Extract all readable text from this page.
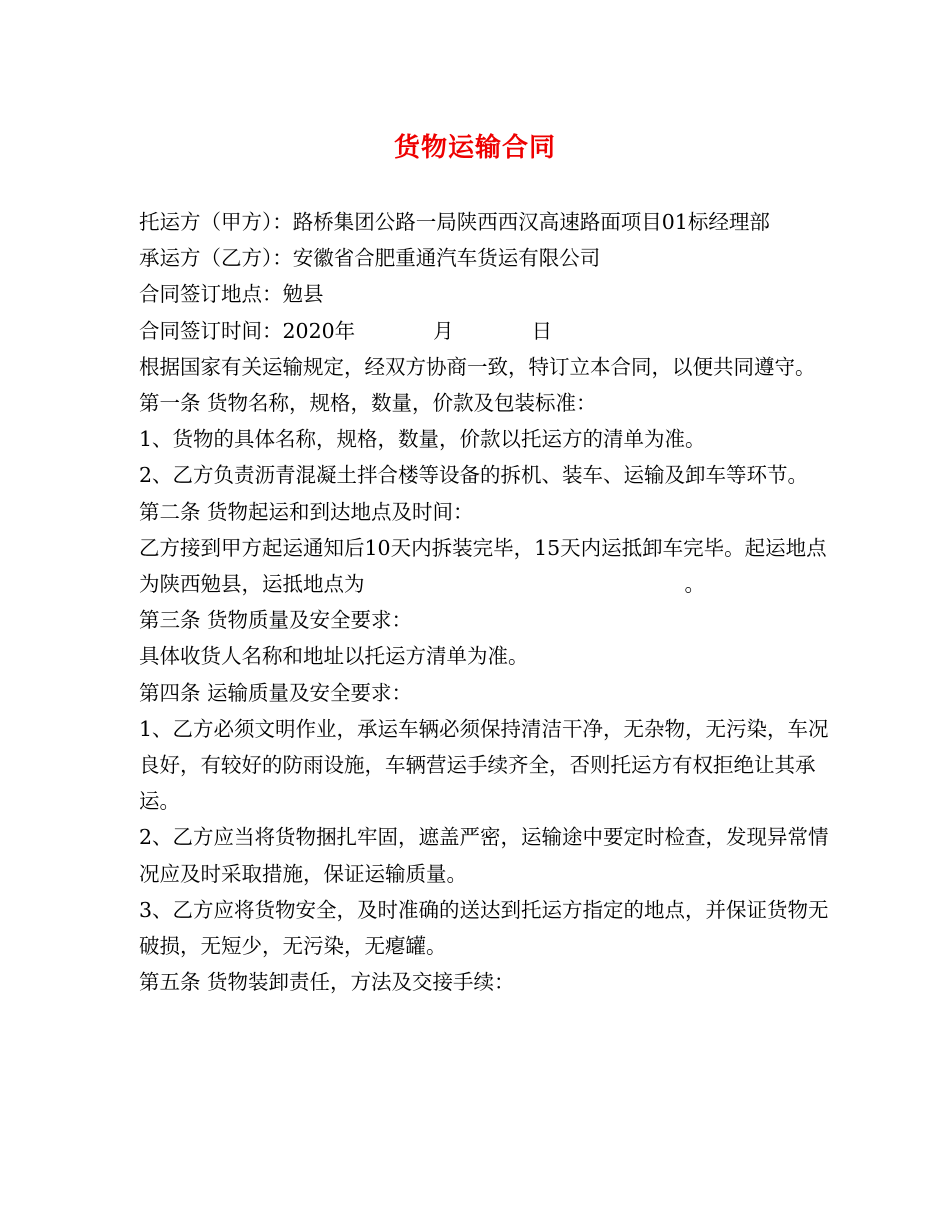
货物运输合同

托运方（甲方）：路桥集团公路一局陕西西汉高速路面项目01标经理部

承运方（乙方）：安徽省合肥重通汽车货运有限公司

合同签订地点：勉县

合同签订时间：2020年	月	日

根据国家有关运输规定，经双方协商一致，特订立本合同，以便共同遵守。

第一条 货物名称，规格，数量，价款及包装标准：

1、货物的具体名称，规格，数量，价款以托运方的清单为准。

2、乙方负责沥青混凝土拌合楼等设备的拆机、装车、运输及卸车等环节。

第二条 货物起运和到达地点及时间：

乙方接到甲方起运通知后10天内拆装完毕，15天内运抵卸车完毕。起运地点为陕西勉县，运抵地点为	。

第三条 货物质量及安全要求：

具体收货人名称和地址以托运方清单为准。

第四条 运输质量及安全要求：

1、乙方必须文明作业，承运车辆必须保持清洁干净，无杂物，无污染，车况良好，有较好的防雨设施，车辆营运手续齐全，否则托运方有权拒绝让其承运。

2、乙方应当将货物捆扎牢固，遮盖严密，运输途中要定时检查，发现异常情况应及时采取措施，保证运输质量。

3、乙方应将货物安全，及时准确的送达到托运方指定的地点，并保证货物无破损，无短少，无污染，无瘪罐。

第五条 货物装卸责任，方法及交接手续：
